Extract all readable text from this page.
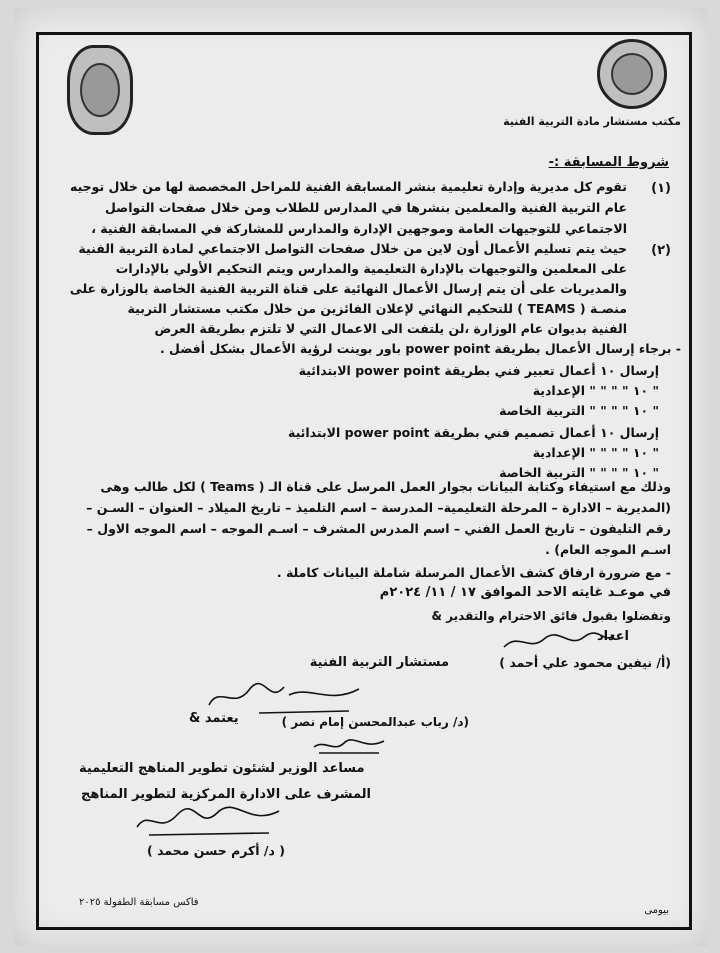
مكتب مستشار مادة التربية الفنية
شروط المسابقة :-
(١)
تقوم كل مديرية وإدارة تعليمية بنشر المسابقة الفنية للمراحل المخصصة لها من خلال توجيه
عام التربية الفنية والمعلمين بنشرها في المدارس للطلاب ومن خلال صفحات التواصل
الاجتماعي للتوجيهات العامة وموجهين الإدارة والمدارس للمشاركة في المسابقة الفنية ،
(٢)
حيث يتم تسليم الأعمال أون لاين من خلال صفحات التواصل الاجتماعي لمادة التربية الفنية
على المعلمين والتوجيهات بالإدارة التعليمية والمدارس ويتم التحكيم الأولي بالإدارات
والمديريات على أن يتم إرسال الأعمال النهائية على قناة التربية الفنية الخاصة بالوزارة على
منصـة ( TEAMS ) للتحكيم النهائي لإعلان الفائزين من خلال مكتب مستشار التربية
الفنية بديوان عام الوزارة ،لن يلتفت الى الاعمال التي لا تلتزم بطريقة العرض
- برجاء إرسال الأعمال بطريقة power point باور بوينت لرؤية الأعمال بشكل أفضل .
إرسال ١٠ أعمال تعبير فني بطريقة power point الابتدائية
" ١٠ " " " " الإعدادية
" ١٠ " " " " التربية الخاصة
إرسال ١٠ أعمال تصميم فني بطريقة power point الابتدائية
" ١٠ " " " " الإعدادية
" ١٠ " " " " التربية الخاصة
وذلك مع استيفاء وكتابة البيانات بجوار العمل المرسل على قناة الـ ( Teams ) لكل طالب وهى
(المديرية – الادارة – المرحلة التعليمية– المدرسة – اسم التلميذ – تاريخ الميلاد – العنوان – السـن –
رقم التليفون – تاريخ العمل الفني – اسم المدرس المشرف – اسـم الموجه – اسم الموجه الاول –
اسـم الموجه العام) .
- مع ضرورة ارفاق كشف الأعمال المرسلة شاملة البيانات كاملة .
في موعـد غايته الاحد الموافق ١٧ / ١١/ ٢٠٢٤م
وتفضلوا بقبول فائق الاحترام والتقدير &
اعداد
(أ/ نيفين محمود علي أحمد )
مستشار التربية الفنية
(د/ رباب عبدالمحسن إمام نصر )
يعتمد &
مساعد الوزير لشئون تطوير المناهج التعليمية
المشرف على الادارة المركزية لتطوير المناهج
( د/ أكرم حسن محمد )
فاكس مسابقة الطفولة ٢٠٢٥
بيومى
